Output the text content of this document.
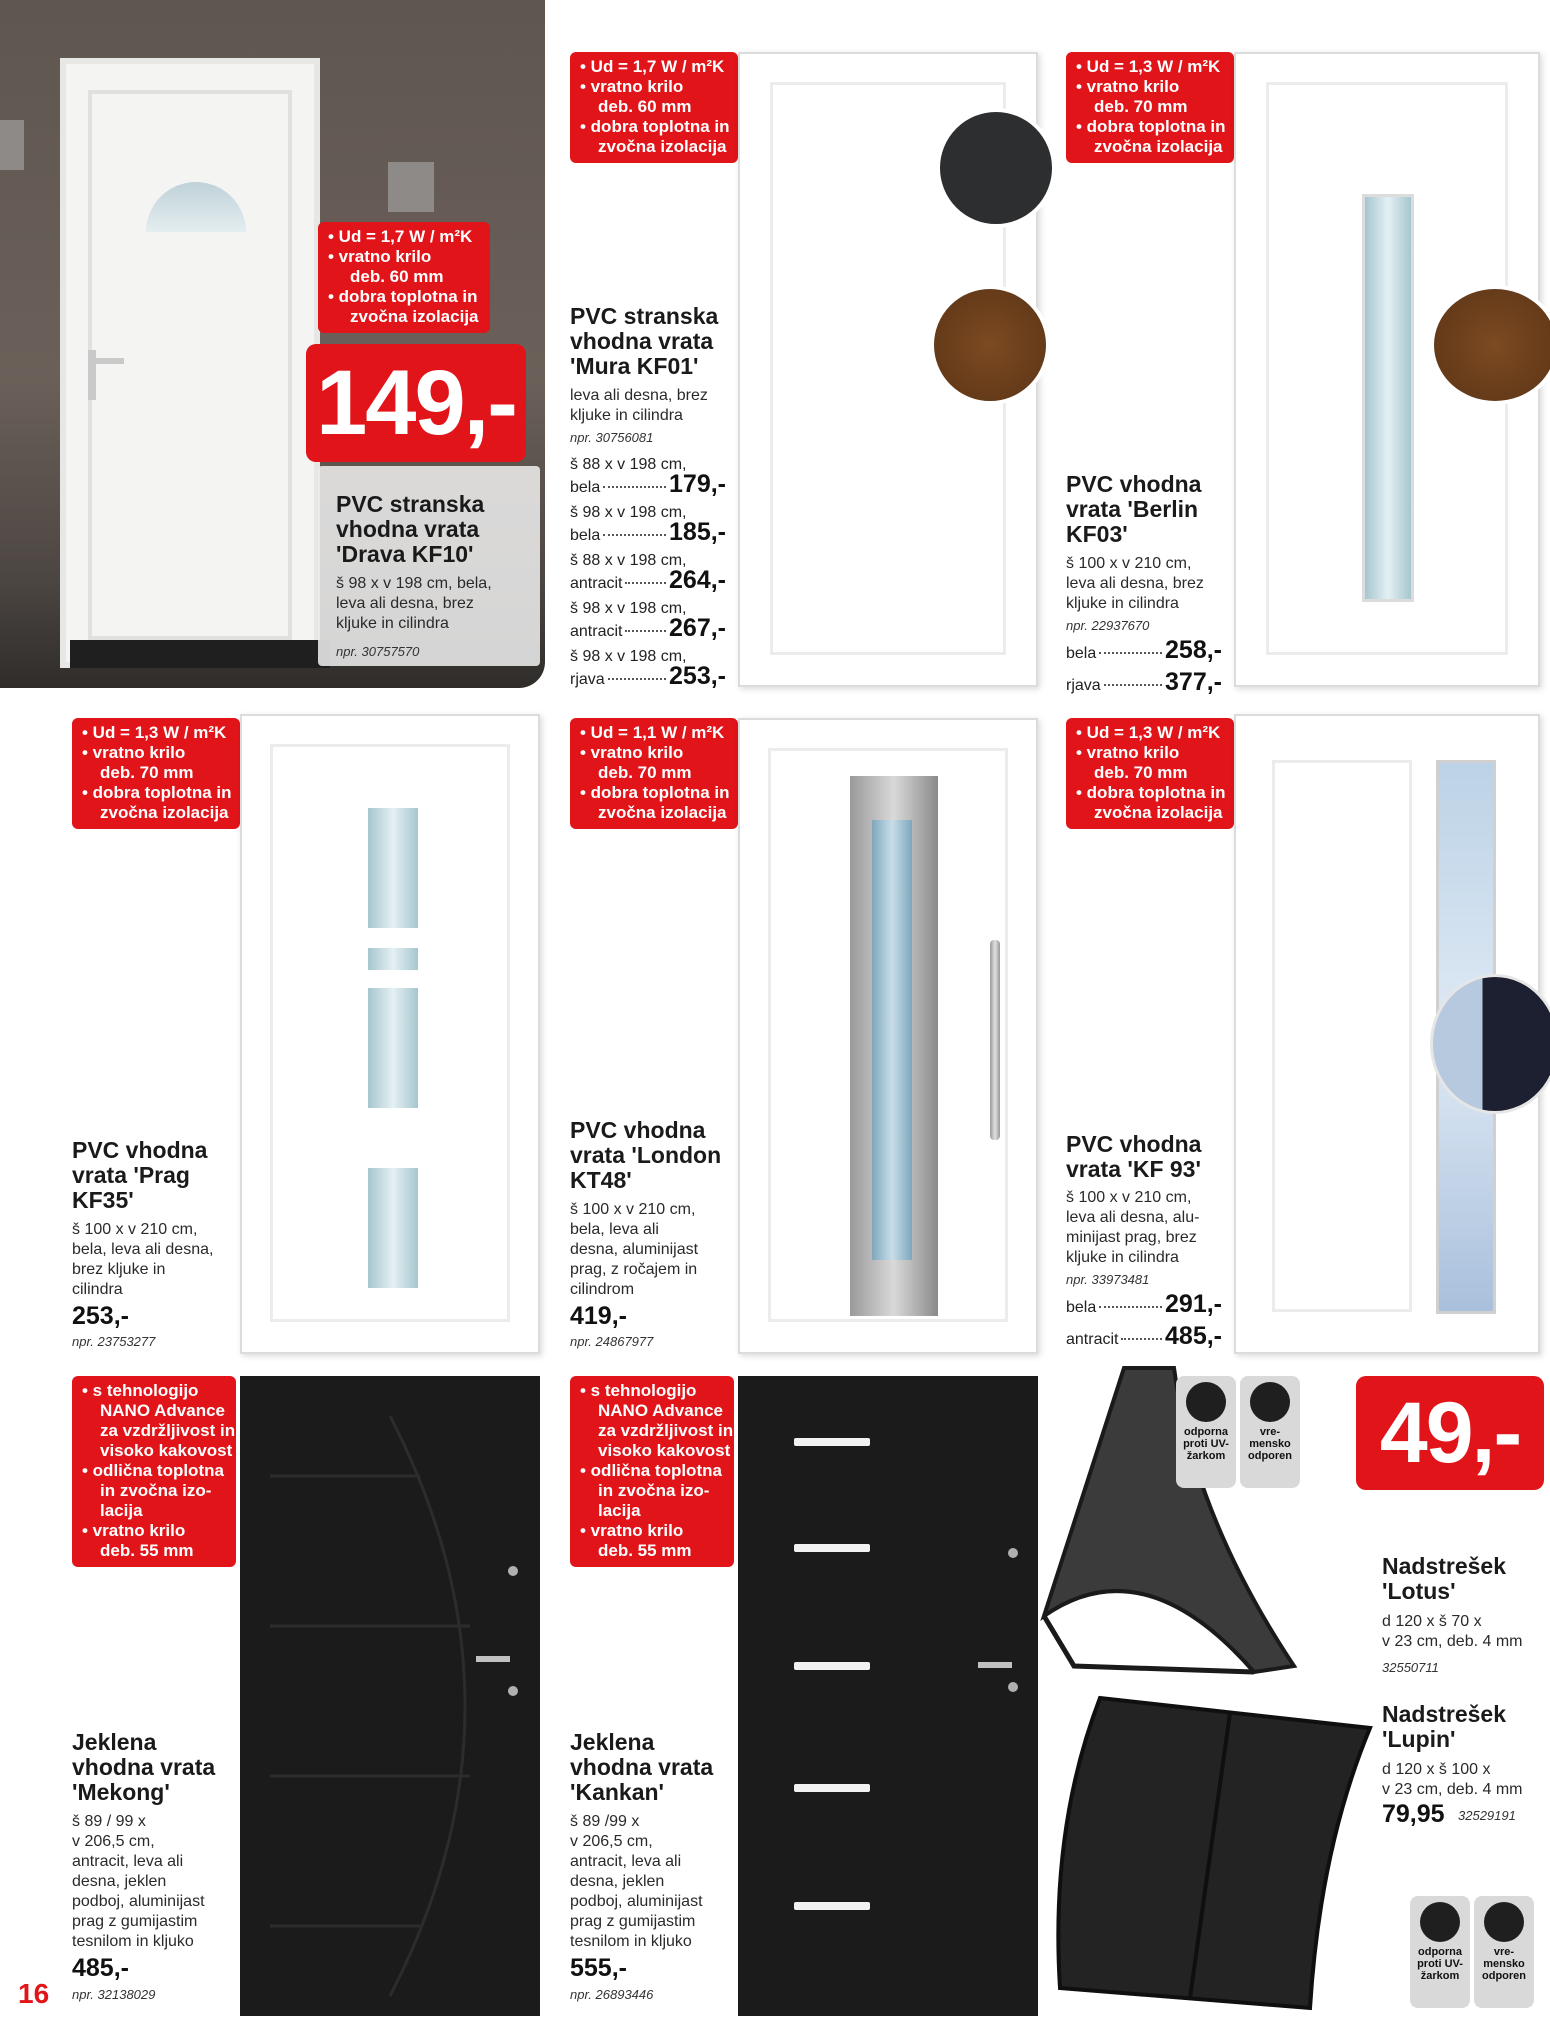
• Ud = 1,7 W / m²K
• vratno krilo
deb. 60 mm
• dobra toplotna in
zvočna izolacija
149,-
PVC stranska
vhodna vrata
'Drava KF10'
š 98 x v 198 cm, bela,
leva ali desna, brez
kljuke in cilindra
npr. 30757570
• Ud = 1,7 W / m²K
• vratno krilo
deb. 60 mm
• dobra toplotna in
zvočna izolacija
PVC stranska
vhodna vrata
'Mura KF01'
leva ali desna, brez
kljuke in cilindra
npr. 30756081
š 88 x v 198 cm,
bela	179,-
š 98 x v 198 cm,
bela	185,-
š 88 x v 198 cm,
antracit 264,-
š 98 x v 198 cm,
antracit 267,-
š 98 x v 198 cm,
rjava	253,-
• Ud = 1,3 W / m²K
• vratno krilo
deb. 70 mm
• dobra toplotna in
zvočna izolacija
PVC vhodna
vrata 'Berlin
KF03'
š 100 x v 210 cm,
leva ali desna, brez
kljuke in cilindra
npr. 22937670
bela	258,-
rjava	377,-
• Ud = 1,3 W / m²K
• vratno krilo
deb. 70 mm
• dobra toplotna in
zvočna izolacija
PVC vhodna
vrata 'Prag
KF35'
š 100 x v 210 cm,
bela, leva ali desna,
brez kljuke in
cilindra
253,-
npr. 23753277
• Ud = 1,1 W / m²K
• vratno krilo
deb. 70 mm
• dobra toplotna in
zvočna izolacija
PVC vhodna
vrata 'London
KT48'
š 100 x v 210 cm,
bela, leva ali
desna, aluminijast
prag, z ročajem in
cilindrom
419,-
npr. 24867977
• Ud = 1,3 W / m²K
• vratno krilo
deb. 70 mm
• dobra toplotna in
zvočna izolacija
PVC vhodna
vrata 'KF 93'
š 100 x v 210 cm,
leva ali desna, alu-
minijast prag, brez
kljuke in cilindra
npr. 33973481
bela	291,-
antracit 485,-
• s tehnologijo
NANO Advance
za vzdržljivost in
visoko kakovost
• odlična toplotna
in zvočna izo-
lacija
• vratno krilo
deb. 55 mm
Jeklena
vhodna vrata
'Mekong'
š 89 / 99 x
v 206,5 cm,
antracit, leva ali
desna, jeklen
podboj, aluminijast
prag z gumijastim
tesnilom in kljuko
485,-
npr. 32138029
• s tehnologijo
NANO Advance
za vzdržljivost in
visoko kakovost
• odlična toplotna
in zvočna izo-
lacija
• vratno krilo
deb. 55 mm
Jeklena
vhodna vrata
'Kankan'
š 89 /99 x
v 206,5 cm,
antracit, leva ali
desna, jeklen
podboj, aluminijast
prag z gumijastim
tesnilom in kljuko
555,-
npr. 26893446
odporna
proti UV-
žarkom
vre-
mensko
odporen 49,-
Nadstrešek
'Lotus'
d 120 x š 70 x
v 23 cm, deb. 4 mm
32550711
Nadstrešek
'Lupin'
d 120 x š 100 x
v 23 cm, deb. 4 mm
79,95 32529191
odporna
proti UV-
žarkom
vre-
mensko
odporen
16
